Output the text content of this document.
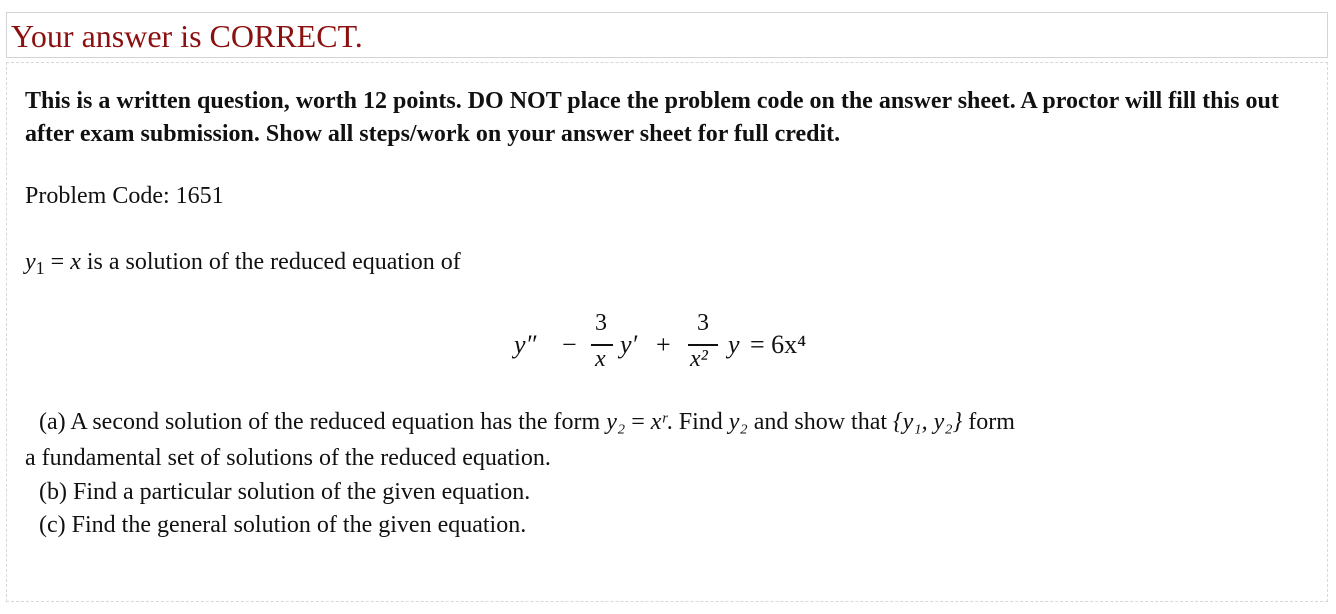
Your answer is CORRECT.
This is a written question, worth 12 points. DO NOT place the problem code on the answer sheet. A proctor will fill this out after exam submission. Show all steps/work on your answer sheet for full credit.
Problem Code: 1651
$y_1 = x$ is a solution of the reduced equation of
y″ −
3
x y′ +
3
x² y = 6x⁴
(a) A second solution of the reduced equation has the form y₂ = xʳ. Find y₂ and show that {y₁, y₂} form
a fundamental set of solutions of the reduced equation.
(b) Find a particular solution of the given equation.
(c) Find the general solution of the given equation.
